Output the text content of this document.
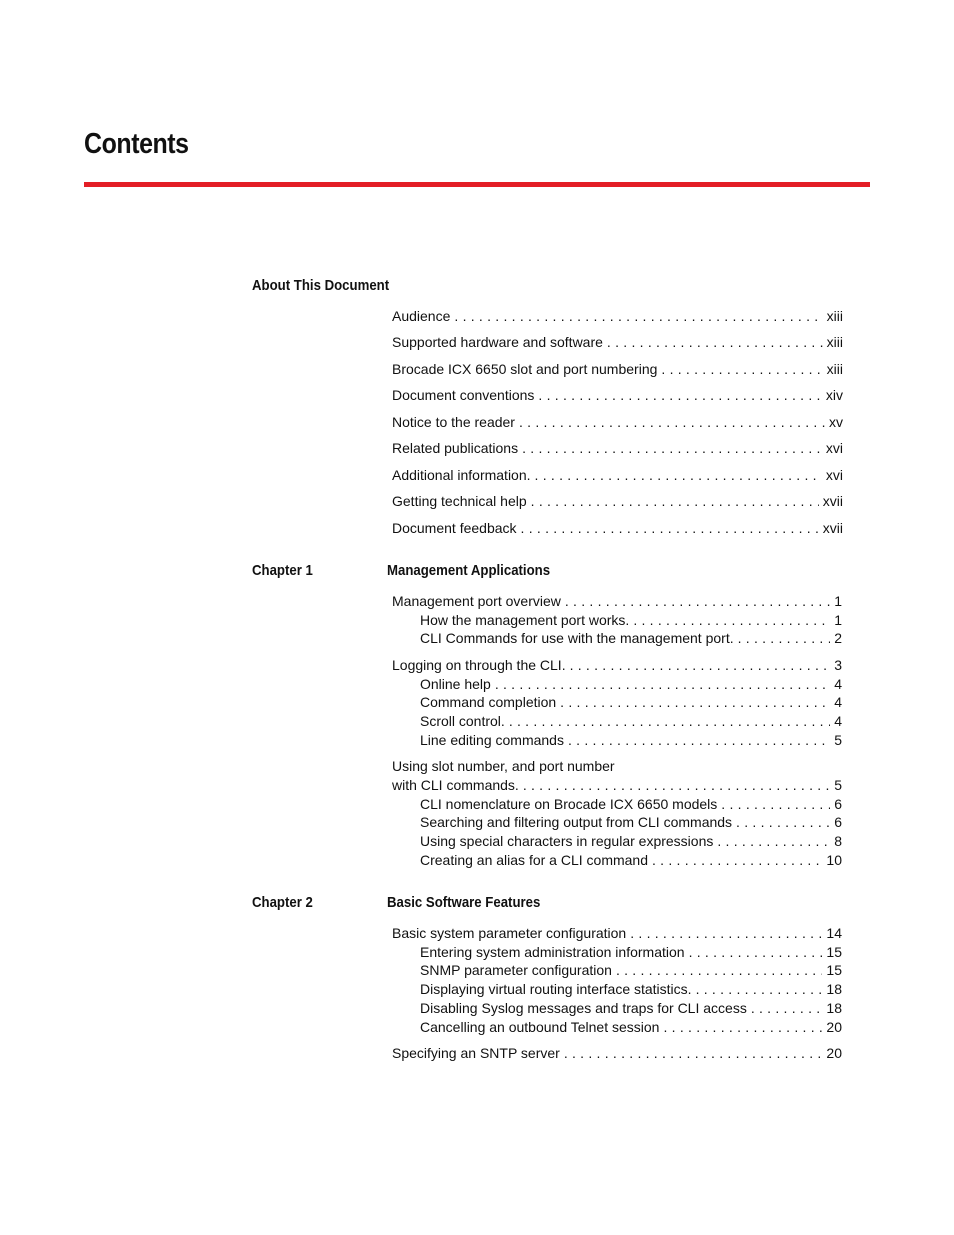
Contents
About This Document
Audience . . .	xiii
Supported hardware and software . . .	xiii
Brocade ICX 6650 slot and port numbering . . .	xiii
Document conventions . . .	xiv
Notice to the reader . . .	xv
Related publications . . .	xvi
Additional information. . . .	xvi
Getting technical help . . .	xvii
Document feedback . . .	xvii
Chapter 1	Management Applications
Management port overview . . .	1
How the management port works. . . .	1
CLI Commands for use with the management port. . . .	2
Logging on through the CLI. . . .	3
Online help . . .	4
Command completion . . .	4
Scroll control. . . .	4
Line editing commands . . .	5
Using slot number, and port number
with CLI commands. . . .	5
CLI nomenclature on Brocade ICX 6650 models . . .	6
Searching and filtering output from CLI commands . . .	6
Using special characters in regular expressions . . .	8
Creating an alias for a CLI command . . .	10
Chapter 2	Basic Software Features
Basic system parameter configuration . . .	14
Entering system administration information . . .	15
SNMP parameter configuration . . .	15
Displaying virtual routing interface statistics. . . .	18
Disabling Syslog messages and traps for CLI access . . .	18
Cancelling an outbound Telnet session . . .	20
Specifying an SNTP server . . .	20
